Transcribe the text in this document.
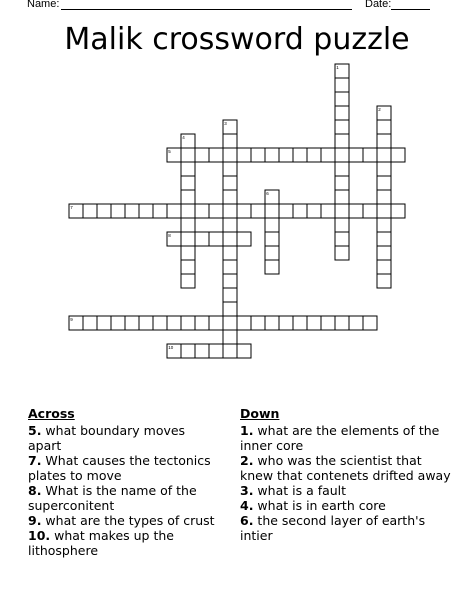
Name:	Date:
Malik crossword puzzle
1
2
3
4
5
6
7
8
9
10
Across

5. what boundary moves apart

7. What causes the tectonics plates to move

8. What is the name of the superconitent

9. what are the types of crust

10. what makes up the lithosphere

Down

1. what are the elements of the inner core

2. who was the scientist that knew that contenets drifted away

3. what is a fault

4. what is in earth core

6. the second layer of earth's intier
